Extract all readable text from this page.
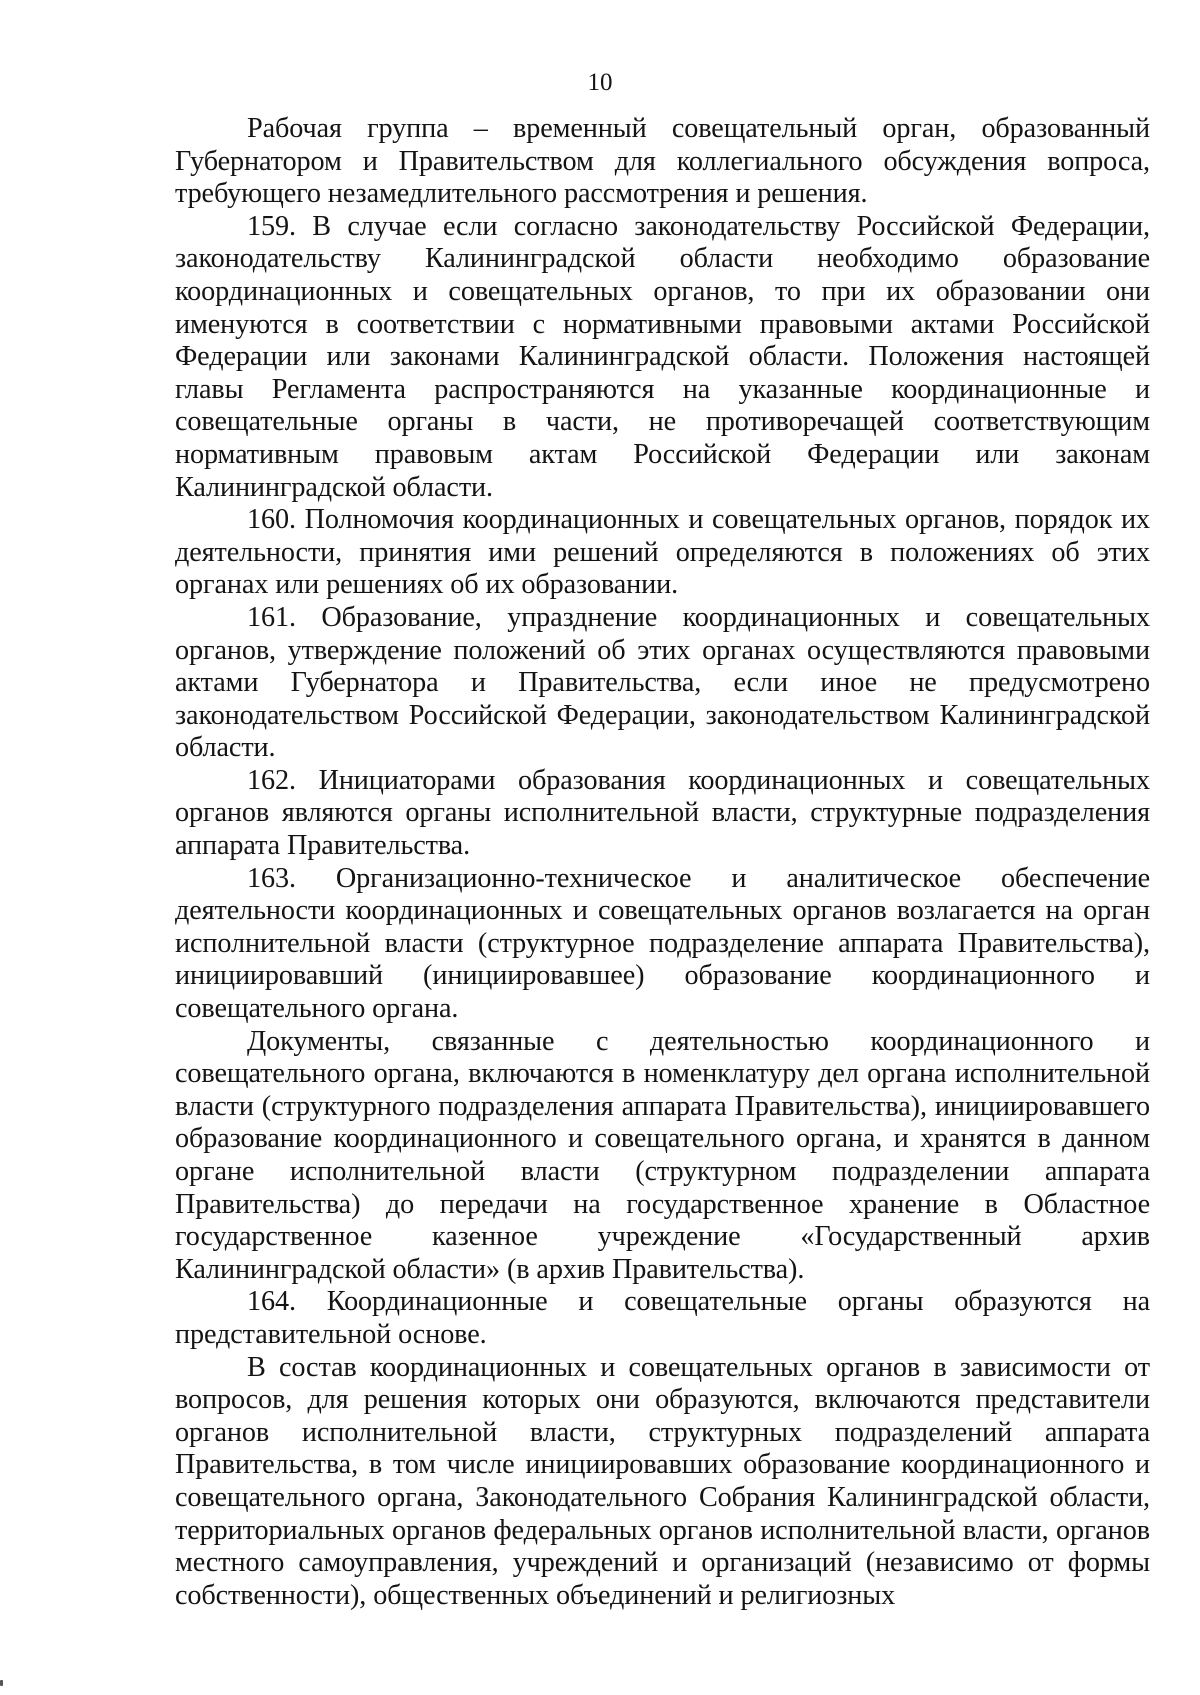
10

Рабочая группа – временный совещательный орган, образованный Губернатором и Правительством для коллегиального обсуждения вопроса, требующего незамедлительного рассмотрения и решения.

159. В случае если согласно законодательству Российской Федерации, законодательству Калининградской области необходимо образование координационных и совещательных органов, то при их образовании они именуются в соответствии с нормативными правовыми актами Российской Федерации или законами Калининградской области. Положения настоящей главы Регламента распространяются на указанные координационные и совещательные органы в части, не противоречащей соответствующим нормативным правовым актам Российской Федерации или законам Калининградской области.

160. Полномочия координационных и совещательных органов, порядок их деятельности, принятия ими решений определяются в положениях об этих органах или решениях об их образовании.

161. Образование, упразднение координационных и совещательных органов, утверждение положений об этих органах осуществляются правовыми актами Губернатора и Правительства, если иное не предусмотрено законодательством Российской Федерации, законодательством Калининградской области.

162. Инициаторами образования координационных и совещательных органов являются органы исполнительной власти, структурные подразделения аппарата Правительства.

163. Организационно-техническое и аналитическое обеспечение деятельности координационных и совещательных органов возлагается на орган исполнительной власти (структурное подразделение аппарата Правительства), инициировавший (инициировавшее) образование координационного и совещательного органа.

Документы, связанные с деятельностью координационного и совещательного органа, включаются в номенклатуру дел органа исполнительной власти (структурного подразделения аппарата Правительства), инициировавшего образование координационного и совещательного органа, и хранятся в данном органе исполнительной власти (структурном подразделении аппарата Правительства) до передачи на государственное хранение в Областное государственное казенное учреждение «Государственный архив Калининградской области» (в архив Правительства).

164. Координационные и совещательные органы образуются на представительной основе.

В состав координационных и совещательных органов в зависимости от вопросов, для решения которых они образуются, включаются представители органов исполнительной власти, структурных подразделений аппарата Правительства, в том числе инициировавших образование координационного и совещательного органа, Законодательного Собрания Калининградской области, территориальных органов федеральных органов исполнительной власти, органов местного самоуправления, учреждений и организаций (независимо от формы собственности), общественных объединений и религиозных
